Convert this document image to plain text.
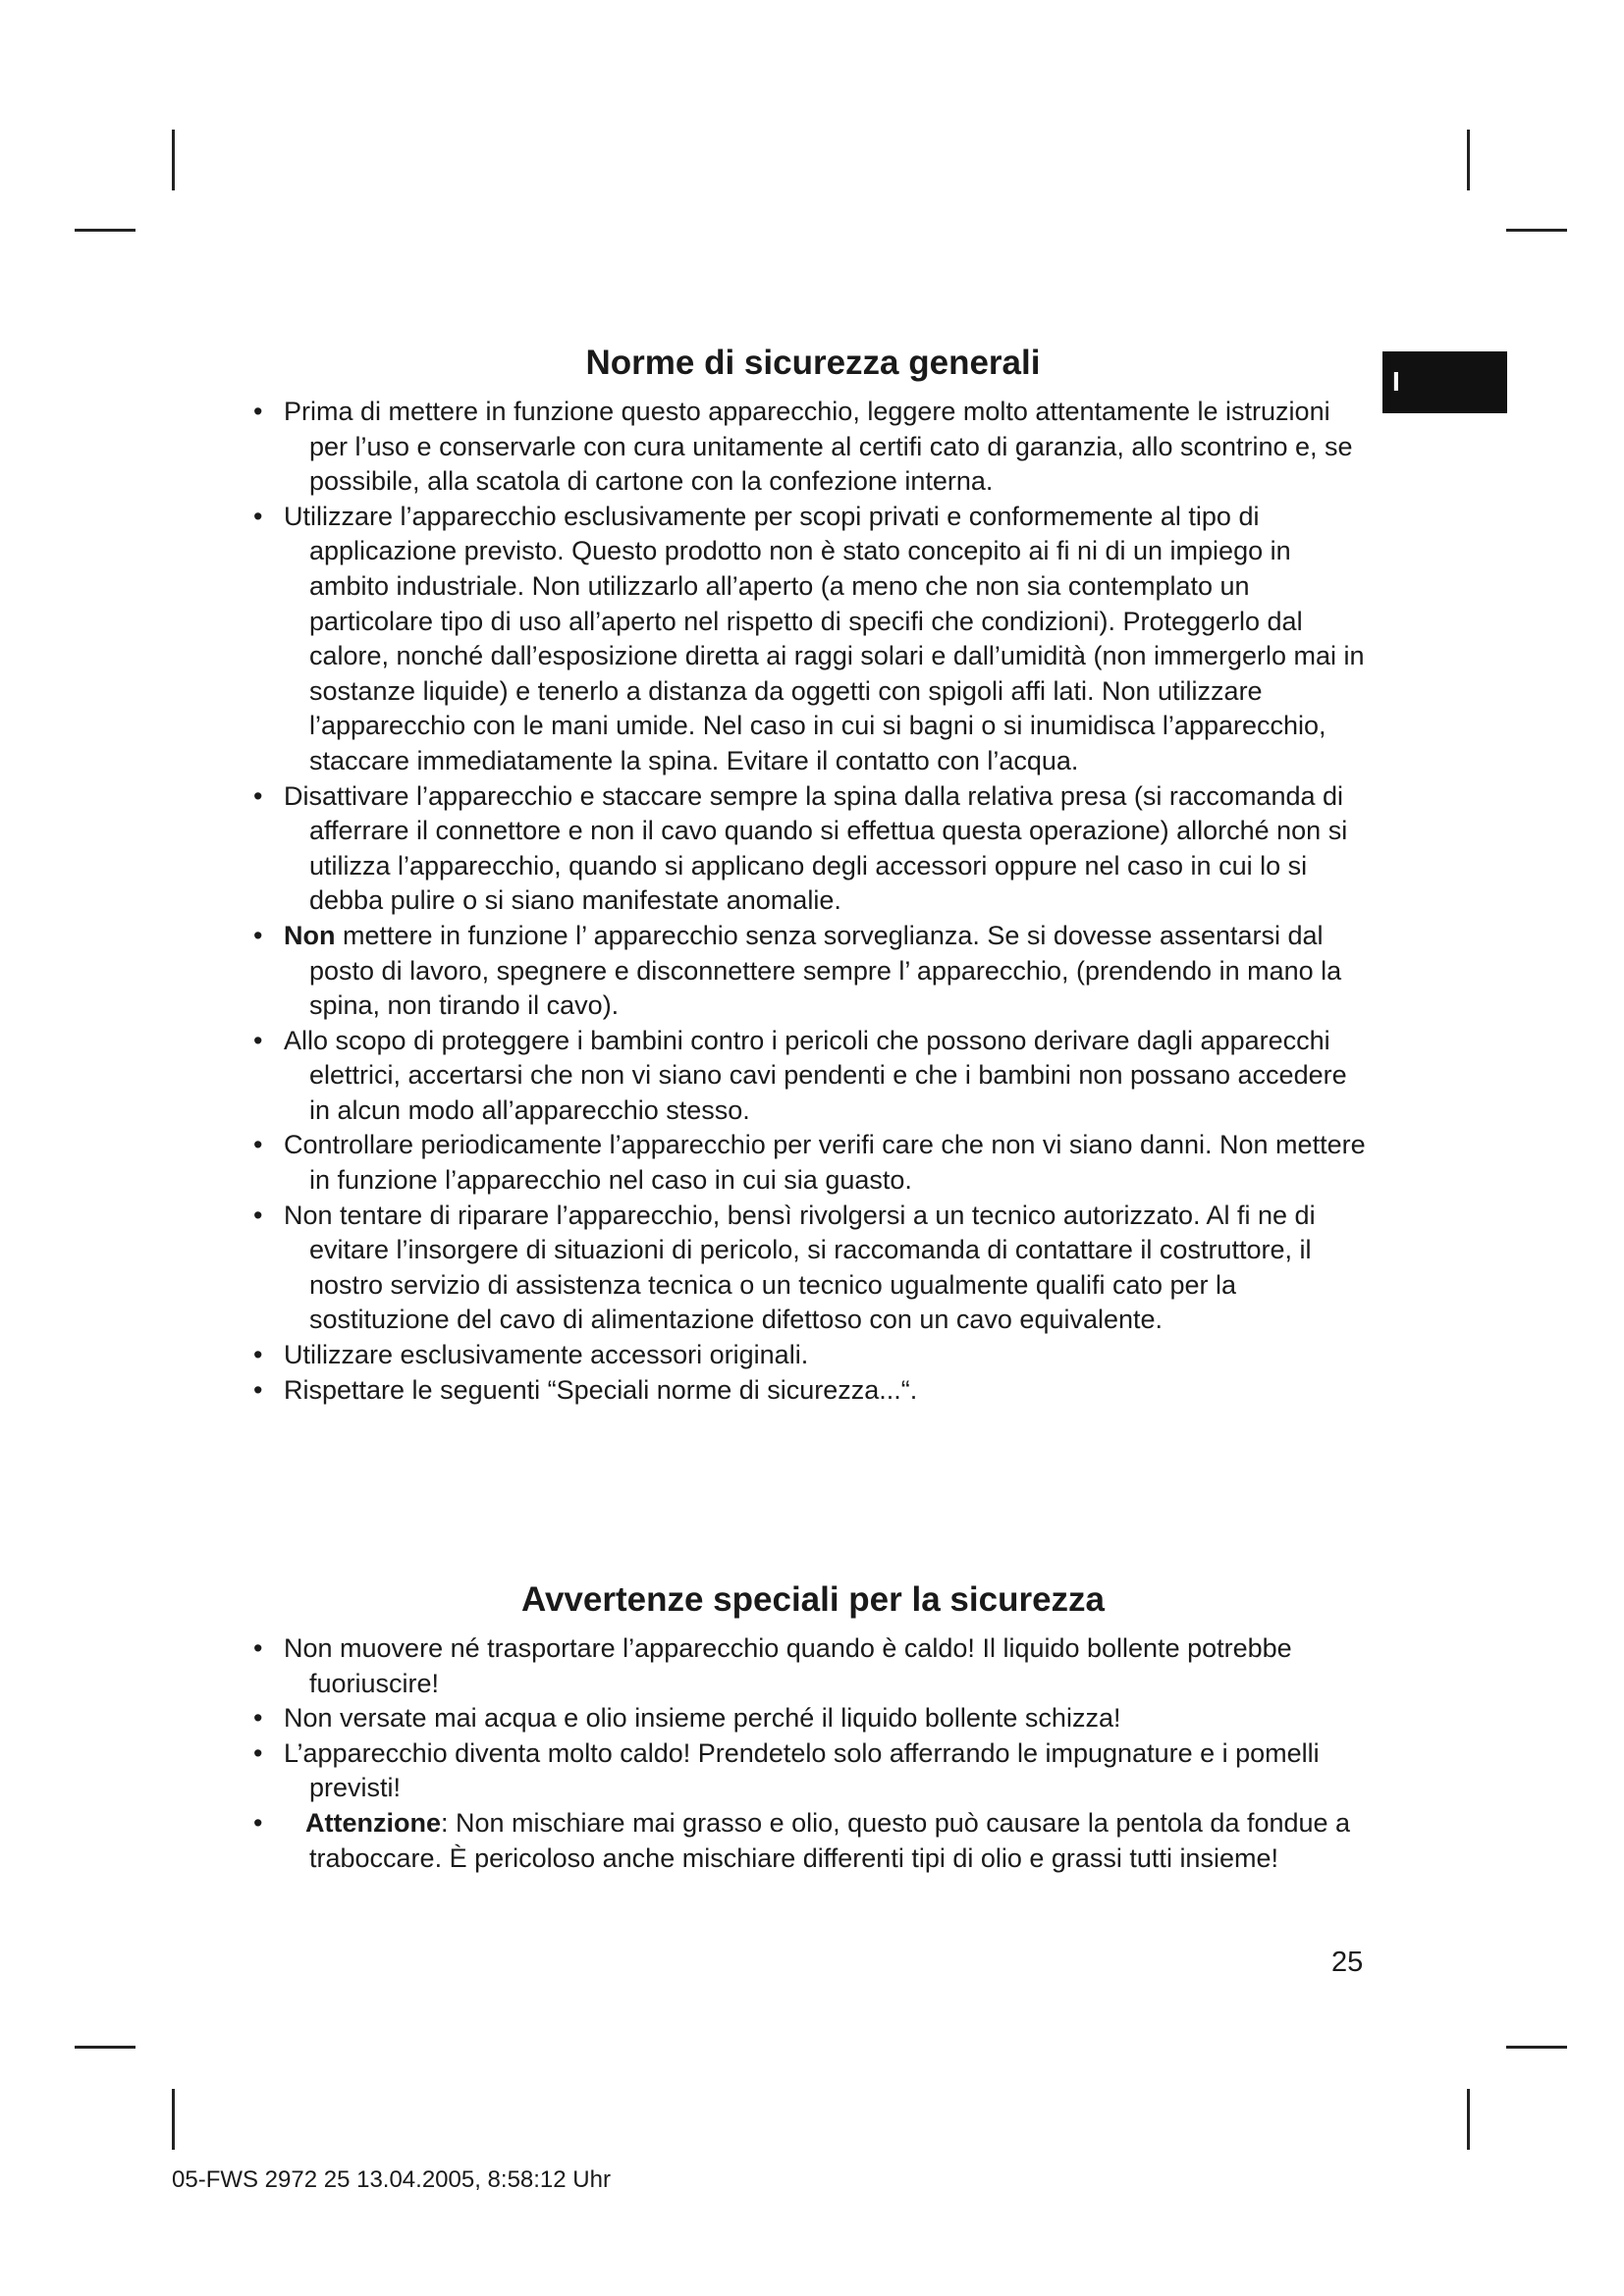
I
Norme di sicurezza generali
• Prima di mettere in funzione questo apparecchio, leggere molto attentamente le istruzioni per l’uso e conservarle con cura unitamente al certifi cato di garanzia, allo scontrino e, se possibile, alla scatola di cartone con la confezione interna.
• Utilizzare l’apparecchio esclusivamente per scopi privati e conformemente al tipo di applicazione previsto. Questo prodotto non è stato concepito ai fi ni di un impiego in ambito industriale. Non utilizzarlo all’aperto (a meno che non sia contemplato un particolare tipo di uso all’aperto nel rispetto di specifi che condizioni). Proteggerlo dal calore, nonché dall’esposizione diretta ai raggi solari e dall’umidità (non immergerlo mai in sostanze liquide) e tenerlo a distanza da oggetti con spigoli affi lati. Non utilizzare l’apparecchio con le mani umide. Nel caso in cui si bagni o si inumidisca l’apparecchio, staccare immediatamente la spina. Evitare il contatto con l’acqua.
• Disattivare l’apparecchio e staccare sempre la spina dalla relativa presa (si raccomanda di afferrare il connettore e non il cavo quando si effettua questa operazione) allorché non si utilizza l’apparecchio, quando si applicano degli accessori oppure nel caso in cui lo si debba pulire o si siano manifestate anomalie.
• Non mettere in funzione l’ apparecchio senza sorveglianza. Se si dovesse assentarsi dal posto di lavoro, spegnere e disconnettere sempre l’ apparecchio, (prendendo in mano la spina, non tirando il cavo).
• Allo scopo di proteggere i bambini contro i pericoli che possono derivare dagli apparecchi elettrici, accertarsi che non vi siano cavi pendenti e che i bambini non possano accedere in alcun modo all’apparecchio stesso.
• Controllare periodicamente l’apparecchio per verifi care che non vi siano danni. Non mettere in funzione l’apparecchio nel caso in cui sia guasto.
• Non tentare di riparare l’apparecchio, bensì rivolgersi a un tecnico autorizzato. Al fi ne di evitare l’insorgere di situazioni di pericolo, si raccomanda di contattare il costruttore, il nostro servizio di assistenza tecnica o un tecnico ugualmente qualifi cato per la sostituzione del cavo di alimentazione difettoso con un cavo equivalente.
• Utilizzare esclusivamente accessori originali.
• Rispettare le seguenti “Speciali norme di sicurezza...“.
Avvertenze speciali per la sicurezza
• Non muovere né trasportare l’apparecchio quando è caldo! Il liquido bollente potrebbe fuoriuscire!
• Non versate mai acqua e olio insieme perché il liquido bollente schizza!
• L’apparecchio diventa molto caldo! Prendetelo solo afferrando le impugnature e i pomelli previsti!
•	Attenzione: Non mischiare mai grasso e olio, questo può causare la pentola da fondue a traboccare. È pericoloso anche mischiare differenti tipi di olio e grassi tutti insieme!
25
05-FWS 2972 25 13.04.2005, 8:58:12 Uhr
